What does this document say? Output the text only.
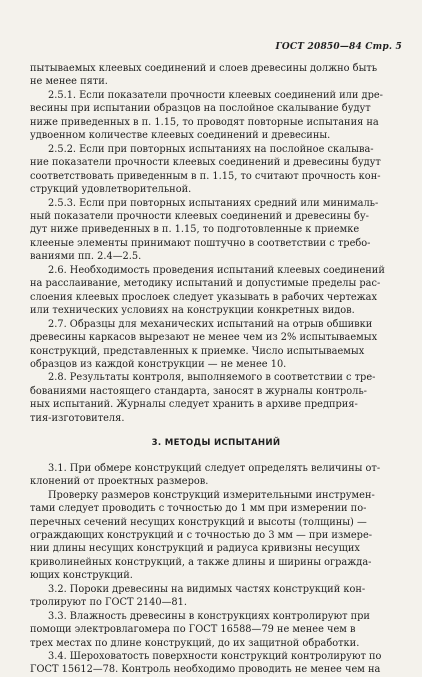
ГОСТ 20850—84 Стр. 5
пытываемых клеевых соединений и слоев древесины должно быть
не менее пяти.
2.5.1. Если показатели прочности клеевых соединений или дре-
весины при испытании образцов на послойное скалывание будут
ниже приведенных в п. 1.15, то проводят повторные испытания на
удвоенном количестве клеевых соединений и древесины.
2.5.2. Если при повторных испытаниях на послойное скалыва-
ние показатели прочности клеевых соединений и древесины будут
соответствовать приведенным в п. 1.15, то считают прочность кон-
струкций удовлетворительной.
2.5.3. Если при повторных испытаниях средний или минималь-
ный показатели прочности клеевых соединений и древесины бу-
дут ниже приведенных в п. 1.15, то подготовленные к приемке
клееные элементы принимают поштучно в соответствии с требо-
ваниями пп. 2.4—2.5.
2.6. Необходимость проведения испытаний клеевых соединений
на расслаивание, методику испытаний и допустимые пределы рас-
слоения клеевых прослоек следует указывать в рабочих чертежах
или технических условиях на конструкции конкретных видов.
2.7. Образцы для механических испытаний на отрыв обшивки
древесины каркасов вырезают не менее чем из 2% испытываемых
конструкций, представленных к приемке. Число испытываемых
образцов из каждой конструкции — не менее 10.
2.8. Результаты контроля, выполняемого в соответствии с тре-
бованиями настоящего стандарта, заносят в журналы контроль-
ных испытаний. Журналы следует хранить в архиве предприя-
тия-изготовителя.
3. МЕТОДЫ ИСПЫТАНИЙ
3.1. При обмере конструкций следует определять величины от-
клонений от проектных размеров.
Проверку размеров конструкций измерительными инструмен-
тами следует проводить с точностью до 1 мм при измерении по-
перечных сечений несущих конструкций и высоты (толщины) —
ограждающих конструкций и с точностью до 3 мм — при измере-
нии длины несущих конструкций и радиуса кривизны несущих
криволинейных конструкций, а также длины и ширины огражда-
ющих конструкций.
3.2. Пороки древесины на видимых частях конструкций кон-
тролируют по ГОСТ 2140—81.
3.3. Влажность древесины в конструкциях контролируют при
помощи электровлагомера по ГОСТ 16588—79 не менее чем в
трех местах по длине конструкций, до их защитной обработки.
3.4. Шероховатость поверхности конструкций контролируют по
ГОСТ 15612—78. Контроль необходимо проводить не менее чем на
